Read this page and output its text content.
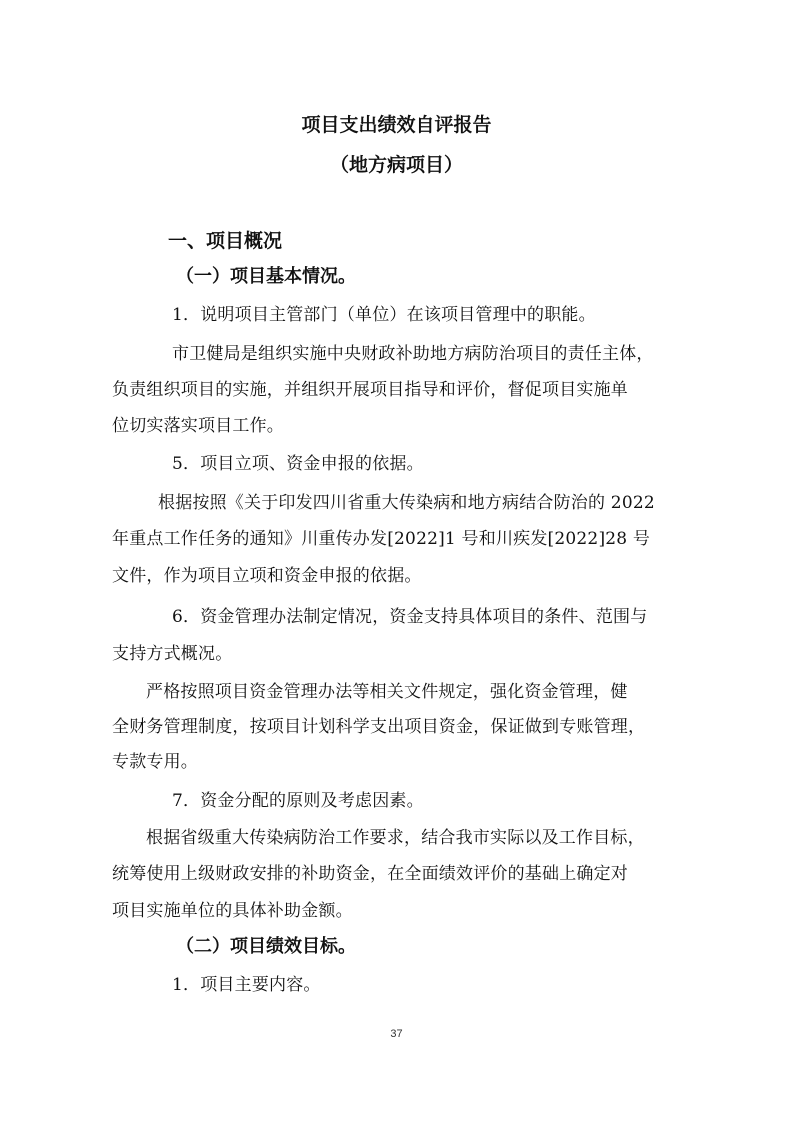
项目支出绩效自评报告
（地方病项目）
一、项目概况
（一）项目基本情况。
1．说明项目主管部门（单位）在该项目管理中的职能。
市卫健局是组织实施中央财政补助地方病防治项目的责任主体，
负责组织项目的实施，并组织开展项目指导和评价，督促项目实施单
位切实落实项目工作。
5．项目立项、资金申报的依据。
根据按照《关于印发四川省重大传染病和地方病结合防治的 2022
年重点工作任务的通知》川重传办发[2022]1 号和川疾发[2022]28 号
文件，作为项目立项和资金申报的依据。
6．资金管理办法制定情况，资金支持具体项目的条件、范围与
支持方式概况。
严格按照项目资金管理办法等相关文件规定，强化资金管理，健
全财务管理制度，按项目计划科学支出项目资金，保证做到专账管理，
专款专用。
7．资金分配的原则及考虑因素。
根据省级重大传染病防治工作要求，结合我市实际以及工作目标，
统筹使用上级财政安排的补助资金，在全面绩效评价的基础上确定对
项目实施单位的具体补助金额。
（二）项目绩效目标。
1．项目主要内容。
37
